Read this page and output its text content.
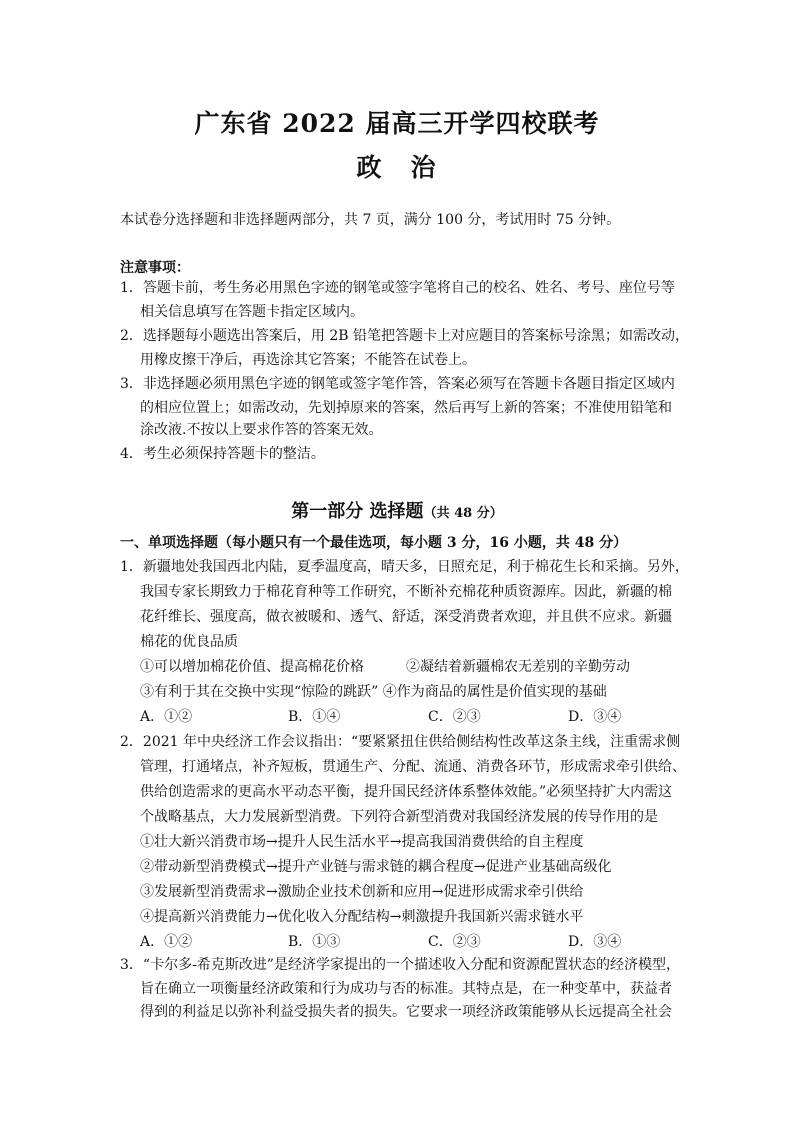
广东省 2022 届高三开学四校联考
政　治
本试卷分选择题和非选择题两部分，共 7 页，满分 100 分，考试用时 75 分钟。
注意事项：
1．答题卡前，考生务必用黑色字迹的钢笔或签字笔将自己的校名、姓名、考号、座位号等
相关信息填写在答题卡指定区域内。
2．选择题每小题选出答案后，用 2B 铅笔把答题卡上对应题目的答案标号涂黑；如需改动，
用橡皮擦干净后，再选涂其它答案；不能答在试卷上。
3．非选择题必须用黑色字迹的钢笔或签字笔作答，答案必须写在答题卡各题目指定区域内
的相应位置上；如需改动，先划掉原来的答案，然后再写上新的答案；不准使用铅笔和
涂改液.不按以上要求作答的答案无效。
4．考生必须保持答题卡的整洁。
第一部分 选择题（共 48 分）
一、单项选择题（每小题只有一个最佳选项，每小题 3 分，16 小题，共 48 分）
1．新疆地处我国西北内陆，夏季温度高，晴天多，日照充足，利于棉花生长和采摘。另外，
我国专家长期致力于棉花育种等工作研究，不断补充棉花种质资源库。因此，新疆的棉
花纤维长、强度高，做衣被暖和、透气、舒适，深受消费者欢迎，并且供不应求。新疆
棉花的优良品质
①可以增加棉花价值、提高棉花价格　　　②凝结着新疆棉农无差别的辛勤劳动
③有利于其在交换中实现“惊险的跳跃” ④作为商品的属性是价值实现的基础
A．①②	B．①④	C．②③	D．③④
2．2021 年中央经济工作会议指出：“要紧紧扭住供给侧结构性改革这条主线，注重需求侧
管理，打通堵点，补齐短板，贯通生产、分配、流通、消费各环节，形成需求牵引供给、
供给创造需求的更高水平动态平衡，提升国民经济体系整体效能。”必须坚持扩大内需这
个战略基点，大力发展新型消费。下列符合新型消费对我国经济发展的传导作用的是
①壮大新兴消费市场→提升人民生活水平→提高我国消费供给的自主程度
②带动新型消费模式→提升产业链与需求链的耦合程度→促进产业基础高级化
③发展新型消费需求→激励企业技术创新和应用→促进形成需求牵引供给
④提高新兴消费能力→优化收入分配结构→刺激提升我国新兴需求链水平
A．①②	B．①③	C．②③	D．③④
3．“卡尔多-希克斯改进”是经济学家提出的一个描述收入分配和资源配置状态的经济模型，
旨在确立一项衡量经济政策和行为成功与否的标准。其特点是，在一种变革中，获益者
得到的利益足以弥补利益受损失者的损失。它要求一项经济政策能够从长远提高全社会
